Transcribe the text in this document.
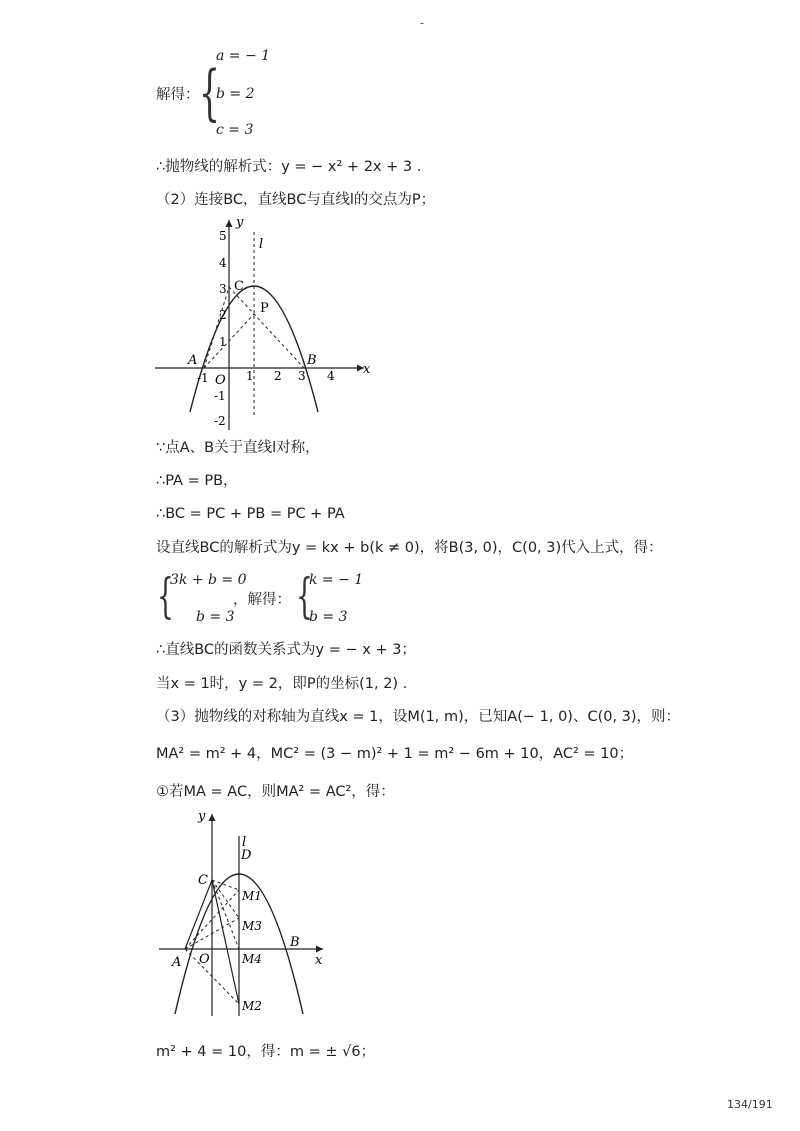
-
解得： {
a = − 1
b = 2
c = 3
∴抛物线的解析式：y = − x² + 2x + 3 .
（2）连接BC，直线BC与直线l的交点为P；
x
y
l
O
-1	1 2 3 4
5
4
3
2
1
-1
-2
A	B
C
P
∵点A、B关于直线l对称，
∴PA = PB，
∴BC = PC + PB = PC + PA
设直线BC的解析式为y = kx + b(k ≠ 0)，将B(3, 0)，C(0, 3)代入上式，得：
{
3k + b = 0
b = 3
，解得： {
k = − 1
b = 3
∴直线BC的函数关系式为y = − x + 3；
当x = 1时，y = 2，即P的坐标(1, 2) .
（3）抛物线的对称轴为直线x = 1，设M(1, m)，已知A(− 1, 0)、C(0, 3)，则：
MA² = m² + 4，MC² = (3 − m)² + 1 = m² − 6m + 10，AC² = 10；
①若MA = AC，则MA² = AC²，得：
x
y
l
O
A
B
C
D
M1
M2
M3
M4
m² + 4 = 10，得：m = ± √6；
134/191
